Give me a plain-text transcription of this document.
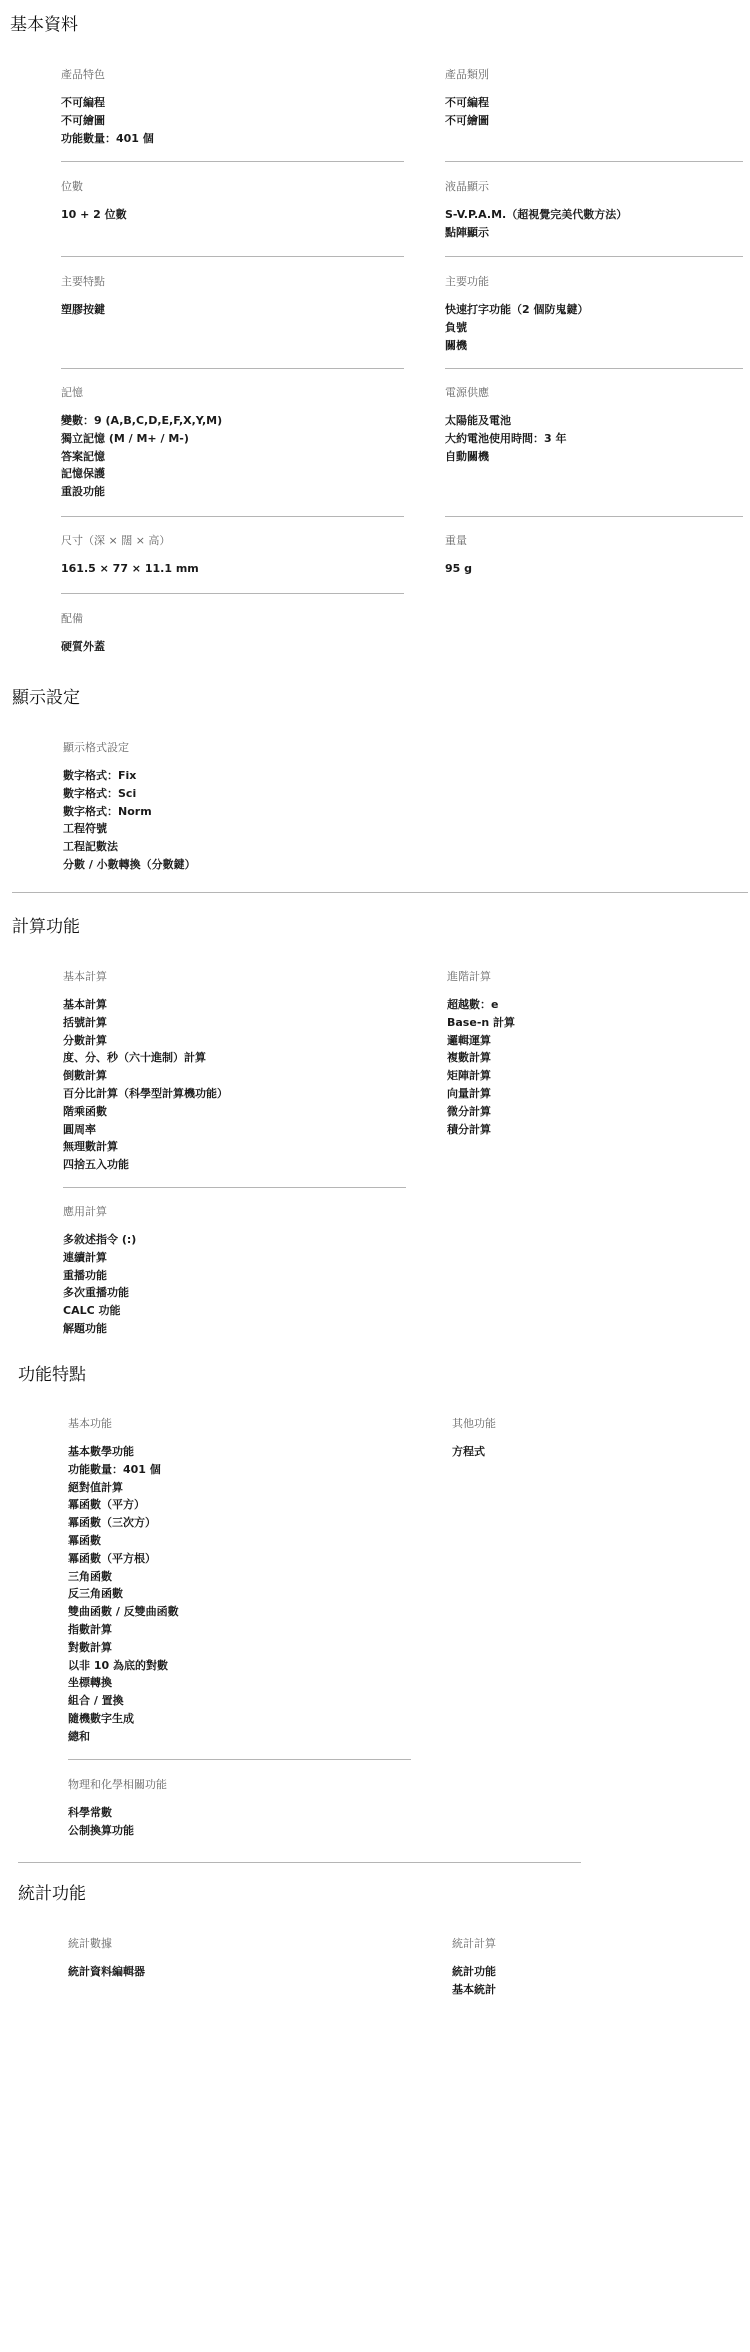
基本資料
產品特色
不可編程
不可繪圖
功能數量：401 個
產品類別
不可編程
不可繪圖
位數
10 + 2 位數
液晶顯示
S-V.P.A.M.（超視覺完美代數方法）
點陣顯示
主要特點
塑膠按鍵
主要功能
快速打字功能（2 個防鬼鍵）
負號
關機
記憶
變數：9 (A,B,C,D,E,F,X,Y,M)
獨立記憶 (M / M+ / M-)
答案記憶
記憶保護
重設功能
電源供應
太陽能及電池
大約電池使用時間：3 年
自動關機
尺寸（深 × 闊 × 高）
161.5 × 77 × 11.1 mm
重量
95 g
配備
硬質外蓋
顯示設定
顯示格式設定
數字格式：Fix
數字格式：Sci
數字格式：Norm
工程符號
工程記數法
分數 / 小數轉換（分數鍵）
計算功能
基本計算
基本計算
括號計算
分數計算
度、分、秒（六十進制）計算
倒數計算
百分比計算（科學型計算機功能）
階乘函數
圓周率
無理數計算
四捨五入功能
進階計算
超越數：e
Base-n 計算
邏輯運算
複數計算
矩陣計算
向量計算
微分計算
積分計算
應用計算
多敘述指令 (:)
連續計算
重播功能
多次重播功能
CALC 功能
解題功能
功能特點
基本功能
基本數學功能
功能數量：401 個
絕對值計算
冪函數（平方）
冪函數（三次方）
冪函數
冪函數（平方根）
三角函數
反三角函數
雙曲函數 / 反雙曲函數
指數計算
對數計算
以非 10 為底的對數
坐標轉換
組合 / 置換
隨機數字生成
總和
其他功能
方程式
物理和化學相關功能
科學常數
公制換算功能
統計功能
統計數據
統計資料編輯器
統計計算
統計功能
基本統計
